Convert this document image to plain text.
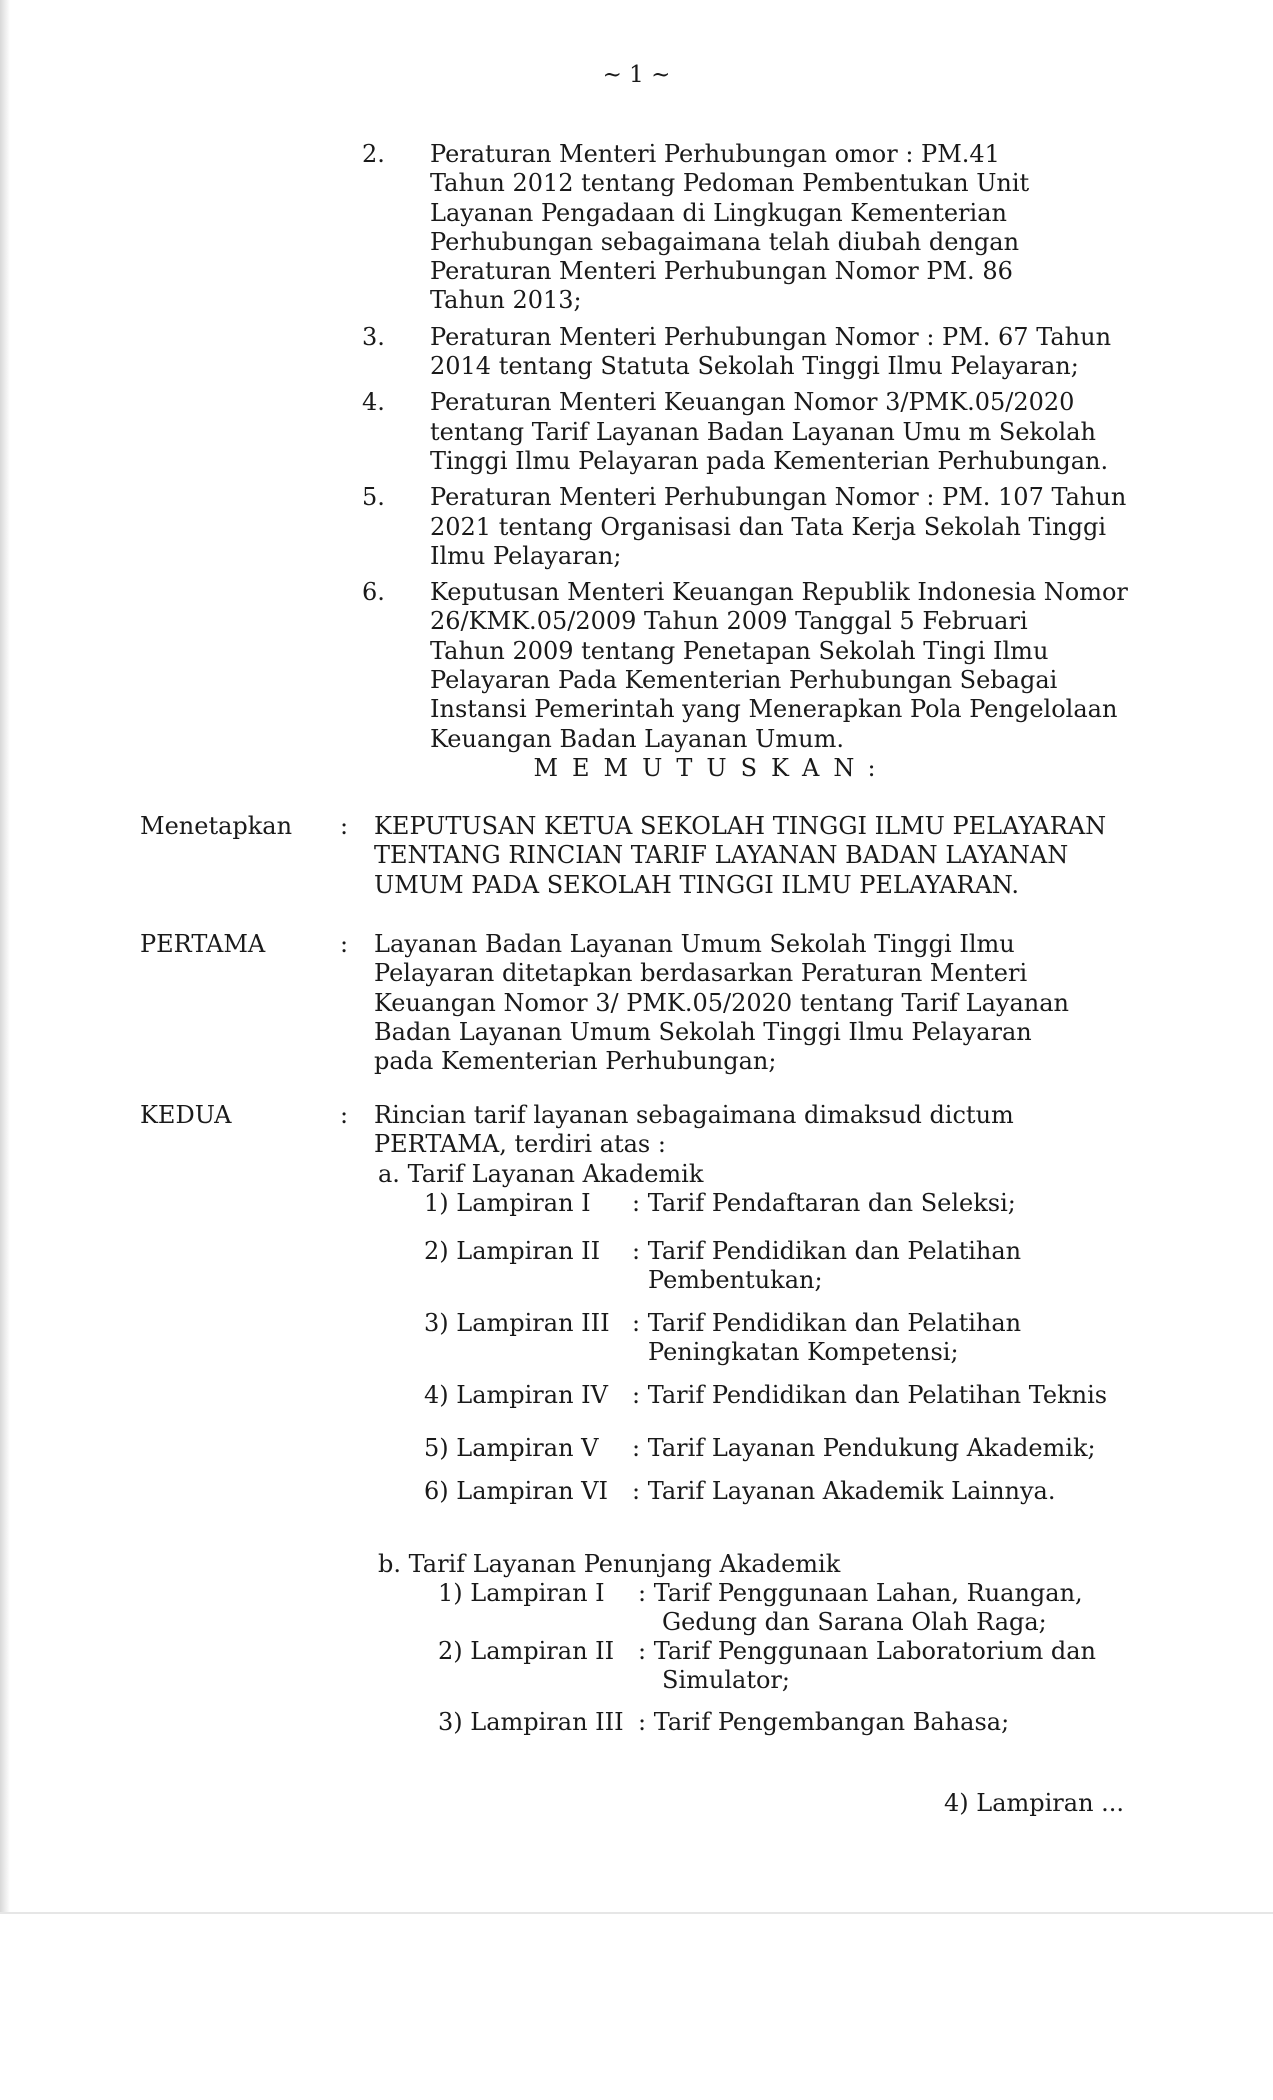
~ 1 ~
2. Peraturan Menteri Perhubungan omor : PM.41
Tahun 2012 tentang Pedoman Pembentukan Unit
Layanan Pengadaan di Lingkugan Kementerian
Perhubungan sebagaimana telah diubah dengan
Peraturan Menteri Perhubungan Nomor PM. 86
Tahun 2013;
3. Peraturan Menteri Perhubungan Nomor : PM. 67 Tahun
2014 tentang Statuta Sekolah Tinggi Ilmu Pelayaran;
4. Peraturan Menteri Keuangan Nomor 3/PMK.05/2020
tentang Tarif Layanan Badan Layanan Umu m Sekolah
Tinggi Ilmu Pelayaran pada Kementerian Perhubungan.
5. Peraturan Menteri Perhubungan Nomor : PM. 107 Tahun
2021 tentang Organisasi dan Tata Kerja Sekolah Tinggi
Ilmu Pelayaran;
6. Keputusan Menteri Keuangan Republik Indonesia Nomor
26/KMK.05/2009 Tahun 2009 Tanggal 5 Februari
Tahun 2009 tentang Penetapan Sekolah Tingi Ilmu
Pelayaran Pada Kementerian Perhubungan Sebagai
Instansi Pemerintah yang Menerapkan Pola Pengelolaan
Keuangan Badan Layanan Umum.
MEMUTUSKAN:
Menetapkan : KEPUTUSAN KETUA SEKOLAH TINGGI ILMU PELAYARAN
TENTANG RINCIAN TARIF LAYANAN BADAN LAYANAN
UMUM PADA SEKOLAH TINGGI ILMU PELAYARAN.
PERTAMA	: Layanan Badan Layanan Umum Sekolah Tinggi Ilmu
Pelayaran ditetapkan berdasarkan Peraturan Menteri
Keuangan Nomor 3/ PMK.05/2020 tentang Tarif Layanan
Badan Layanan Umum Sekolah Tinggi Ilmu Pelayaran
pada Kementerian Perhubungan;
KEDUA	: Rincian tarif layanan sebagaimana dimaksud dictum
PERTAMA, terdiri atas :
a. Tarif Layanan Akademik
1) Lampiran I : Tarif Pendaftaran dan Seleksi;
2) Lampiran II : Tarif Pendidikan dan Pelatihan
Pembentukan;
3) Lampiran III : Tarif Pendidikan dan Pelatihan
Peningkatan Kompetensi;
4) Lampiran IV : Tarif Pendidikan dan Pelatihan Teknis
5) Lampiran V : Tarif Layanan Pendukung Akademik;
6) Lampiran VI : Tarif Layanan Akademik Lainnya.
b. Tarif Layanan Penunjang Akademik
1) Lampiran I : Tarif Penggunaan Lahan, Ruangan,
Gedung dan Sarana Olah Raga;
2) Lampiran II : Tarif Penggunaan Laboratorium dan
Simulator;
3) Lampiran III : Tarif Pengembangan Bahasa;
4) Lampiran ...
